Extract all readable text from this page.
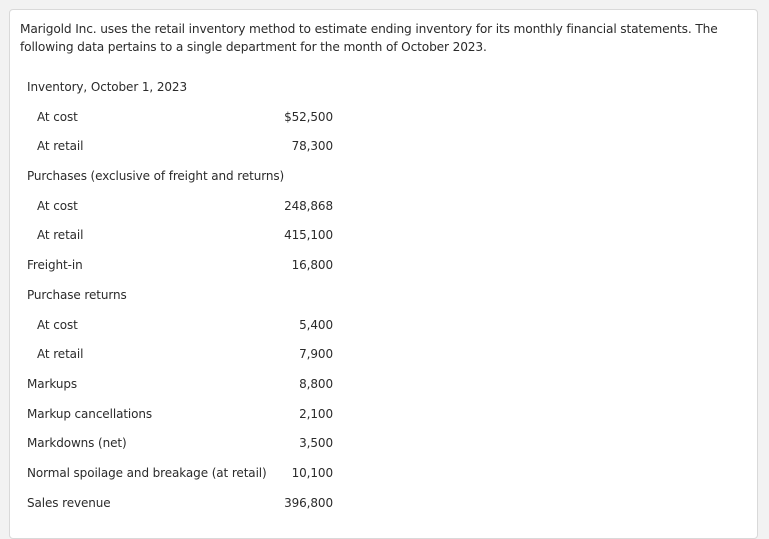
Marigold Inc. uses the retail inventory method to estimate ending inventory for its monthly financial statements. The following data pertains to a single department for the month of October 2023.

Inventory, October 1, 2023
At cost	$52,500
At retail	78,300
Purchases (exclusive of freight and returns)
At cost	248,868
At retail	415,100
Freight-in	16,800
Purchase returns
At cost	5,400
At retail	7,900
Markups	8,800
Markup cancellations	2,100
Markdowns (net)	3,500
Normal spoilage and breakage (at retail) 10,100
Sales revenue	396,800
